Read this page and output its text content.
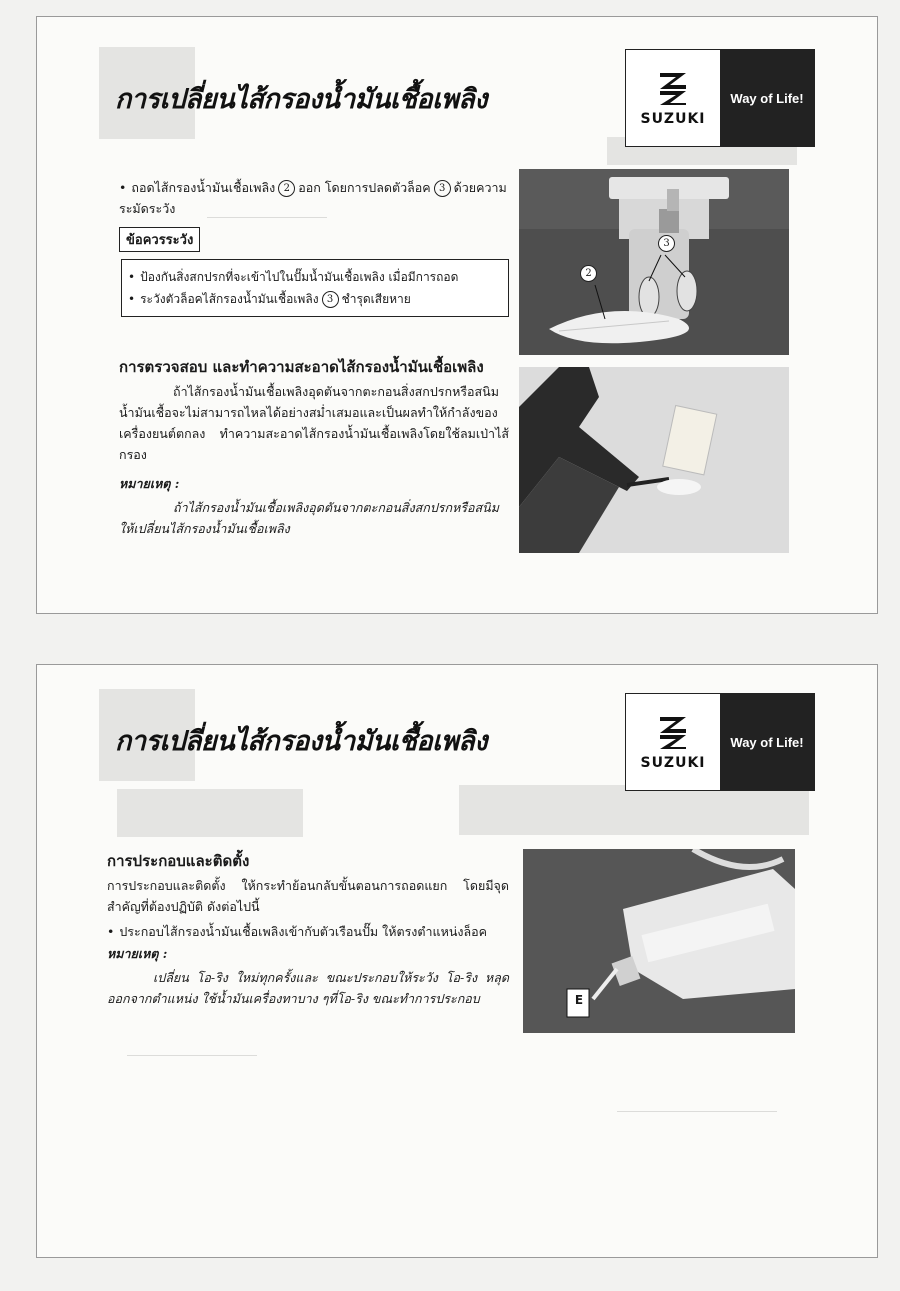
การเปลี่ยนไส้กรองน้ำมันเชื้อเพลิง
SUZUKI
Way of Life!
• ถอดไส้กรองน้ำมันเชื้อเพลิง 2 ออก โดยการปลดตัวล็อค 3 ด้วยความระมัดระวัง
ข้อควรระวัง
• ป้องกันสิ่งสกปรกที่จะเข้าไปในปั๊มน้ำมันเชื้อเพลิง เมื่อมีการถอด
• ระวังตัวล็อคไส้กรองน้ำมันเชื้อเพลิง 3 ชำรุดเสียหาย
การตรวจสอบ และทำความสะอาดไส้กรองน้ำมันเชื้อเพลิง
ถ้าไส้กรองน้ำมันเชื้อเพลิงอุดตันจากตะกอนสิ่งสกปรกหรือสนิมน้ำมันเชื้อจะไม่สามารถไหลได้อย่างสม่ำเสมอและเป็นผลทำให้กำลังของเครื่องยนต์ตกลง ทำความสะอาดไส้กรองน้ำมันเชื้อเพลิงโดยใช้ลมเป่าไส้กรอง
หมายเหตุ :
ถ้าไส้กรองน้ำมันเชื้อเพลิงอุดตันจากตะกอนสิ่งสกปรกหรือสนิมให้เปลี่ยนไส้กรองน้ำมันเชื้อเพลิง
2
3
การเปลี่ยนไส้กรองน้ำมันเชื้อเพลิง
SUZUKI
Way of Life!
การประกอบและติดตั้ง
การประกอบและติดตั้ง ให้กระทำย้อนกลับขั้นตอนการถอดแยก โดยมีจุดสำคัญที่ต้องปฏิบัติ ดังต่อไปนี้
• ประกอบไส้กรองน้ำมันเชื้อเพลิงเข้ากับตัวเรือนปั๊ม ให้ตรงตำแหน่งล็อค
หมายเหตุ :
เปลี่ยน โอ-ริง ใหม่ทุกครั้งและ ขณะประกอบให้ระวัง โอ-ริง หลุดออกจากตำแหน่ง ใช้น้ำมันเครื่องทาบาง ๆที่โอ-ริง ขณะทำการประกอบ	E
